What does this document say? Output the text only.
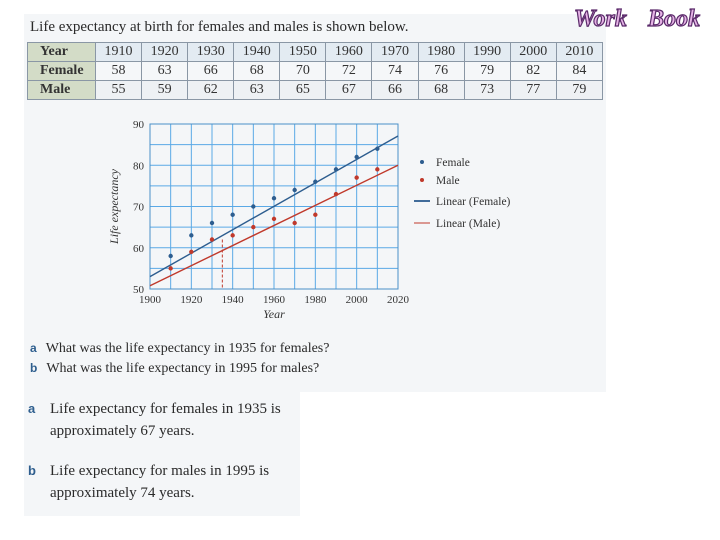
Work Book
Life expectancy at birth for females and males is shown below.
Year	1910	1920	1930	1940	1950	1960	1970	1980	1990	2000	2010
Female	58	63	66	68	70	72	74	76	79	82	84
Male	55	59	62	63	65	67	66	68	73	77	79
1900 1920 1940 1960 1980 2000 2020
50
60
70
80
90
Year
Life expectancy
Female
Male
Linear (Female)
Linear (Male)
a What was the life expectancy in 1935 for females?
b What was the life expectancy in 1995 for males?
a Life expectancy for females in 1935 is
approximately 67 years.
b Life expectancy for males in 1995 is
approximately 74 years.
